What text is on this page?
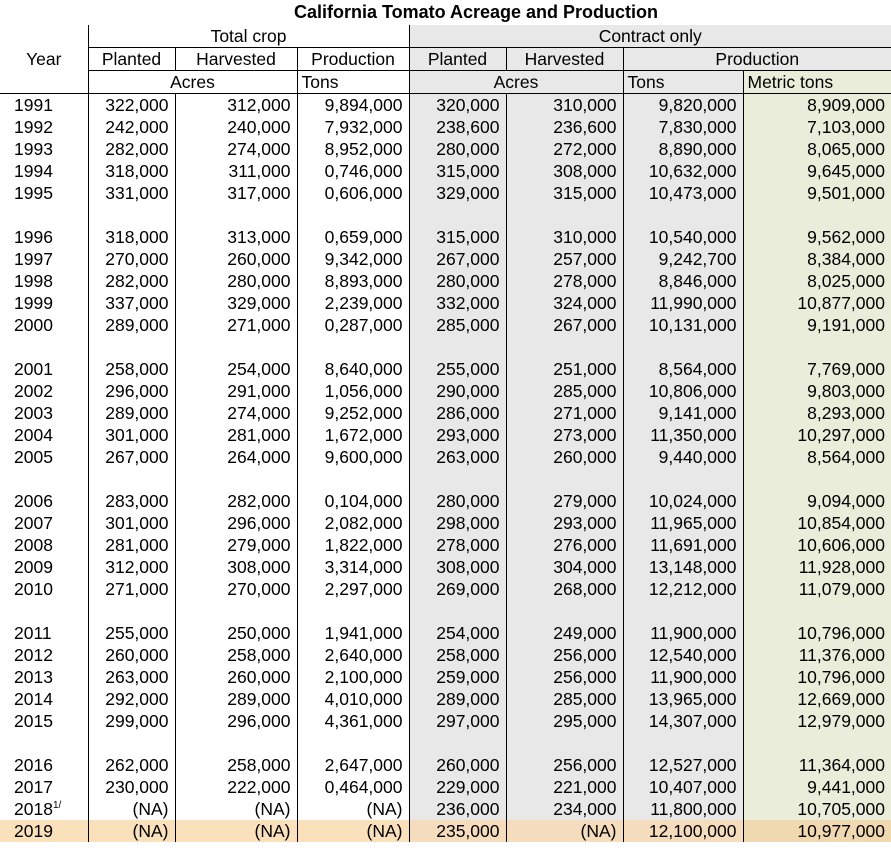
California Tomato Acreage and Production
	Total crop			Contract only			
Year	Planted	Harvested	Production	Planted	Harvested	Production	
	Acres		Tons	Acres		Tons	Metric tons
1991	322,000	312,000	9,894,000	320,000	310,000	9,820,000	8,909,000
1992	242,000	240,000	7,932,000	238,600	236,600	7,830,000	7,103,000
1993	282,000	274,000	8,952,000	280,000	272,000	8,890,000	8,065,000
1994	318,000	311,000	0,746,000	315,000	308,000	10,632,000	9,645,000
1995	331,000	317,000	0,606,000	329,000	315,000	10,473,000	9,501,000

1996	318,000	313,000	0,659,000	315,000	310,000	10,540,000	9,562,000
1997	270,000	260,000	9,342,000	267,000	257,000	9,242,700	8,384,000
1998	282,000	280,000	8,893,000	280,000	278,000	8,846,000	8,025,000
1999	337,000	329,000	2,239,000	332,000	324,000	11,990,000	10,877,000
2000	289,000	271,000	0,287,000	285,000	267,000	10,131,000	9,191,000

2001	258,000	254,000	8,640,000	255,000	251,000	8,564,000	7,769,000
2002	296,000	291,000	1,056,000	290,000	285,000	10,806,000	9,803,000
2003	289,000	274,000	9,252,000	286,000	271,000	9,141,000	8,293,000
2004	301,000	281,000	1,672,000	293,000	273,000	11,350,000	10,297,000
2005	267,000	264,000	9,600,000	263,000	260,000	9,440,000	8,564,000

2006	283,000	282,000	0,104,000	280,000	279,000	10,024,000	9,094,000
2007	301,000	296,000	2,082,000	298,000	293,000	11,965,000	10,854,000
2008	281,000	279,000	1,822,000	278,000	276,000	11,691,000	10,606,000
2009	312,000	308,000	3,314,000	308,000	304,000	13,148,000	11,928,000
2010	271,000	270,000	2,297,000	269,000	268,000	12,212,000	11,079,000

2011	255,000	250,000	1,941,000	254,000	249,000	11,900,000	10,796,000
2012	260,000	258,000	2,640,000	258,000	256,000	12,540,000	11,376,000
2013	263,000	260,000	2,100,000	259,000	256,000	11,900,000	10,796,000
2014	292,000	289,000	4,010,000	289,000	285,000	13,965,000	12,669,000
2015	299,000	296,000	4,361,000	297,000	295,000	14,307,000	12,979,000

2016	262,000	258,000	2,647,000	260,000	256,000	12,527,000	11,364,000
2017	230,000	222,000	0,464,000	229,000	221,000	10,407,000	9,441,000
$2018^{1/}$	(NA)	(NA)	(NA)	236,000	234,000	11,800,000	10,705,000
2019	(NA)	(NA)	(NA)	235,000	(NA)	12,100,000	10,977,000
